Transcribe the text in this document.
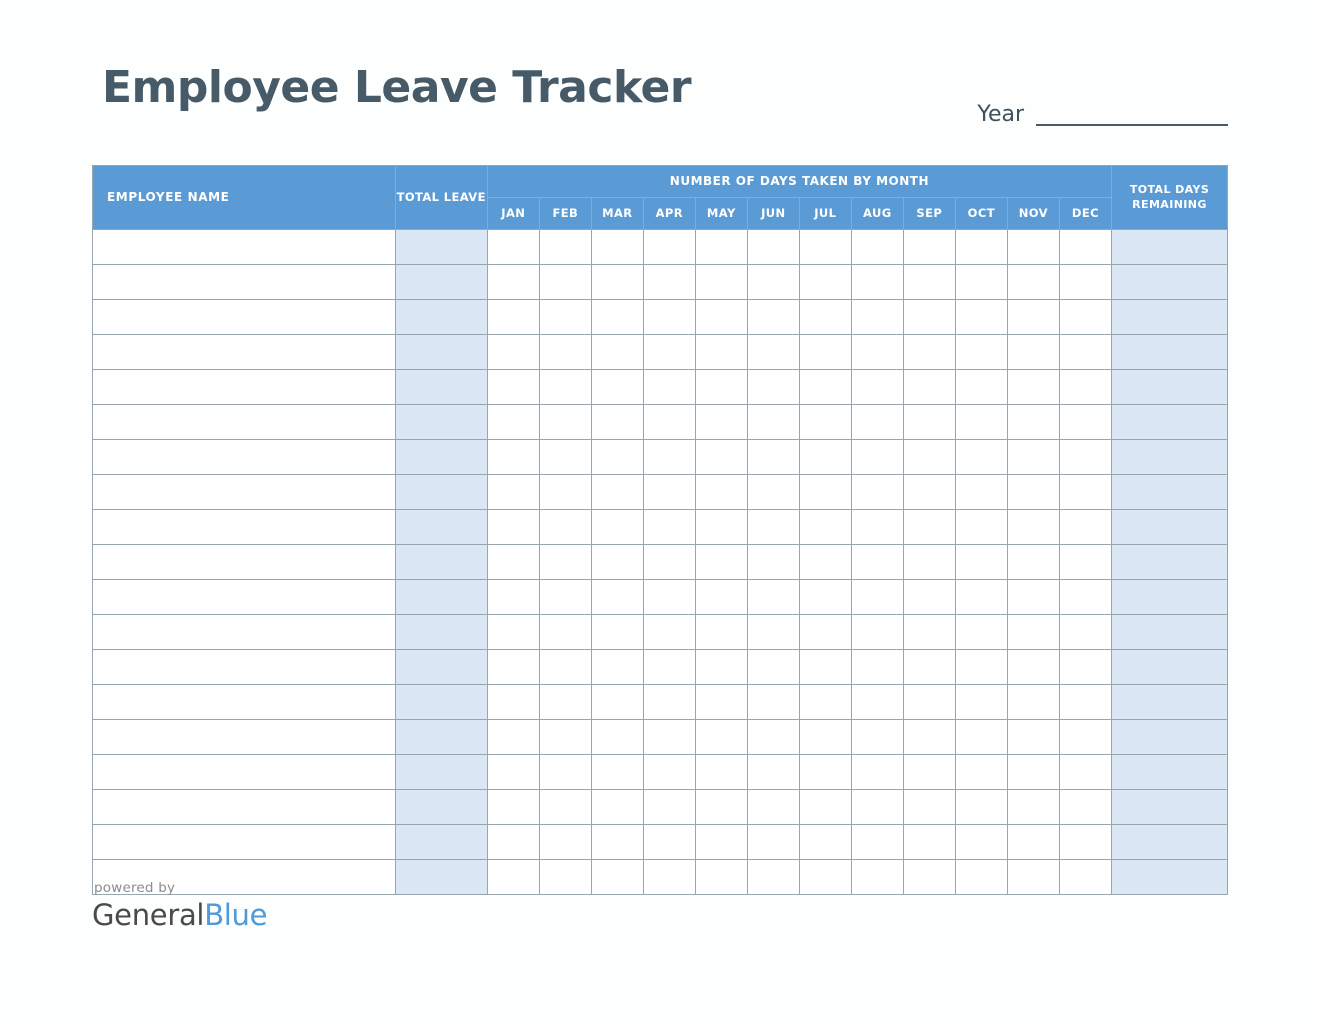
Employee Leave Tracker
Year
EMPLOYEE NAME	TOTAL LEAVE	NUMBER OF DAYS TAKEN BY MONTH												TOTAL DAYS REMAINING
		JAN	FEB	MAR	APR	MAY	JUN	JUL	AUG	SEP	OCT	NOV	DEC	

powered by
GeneralBlue
